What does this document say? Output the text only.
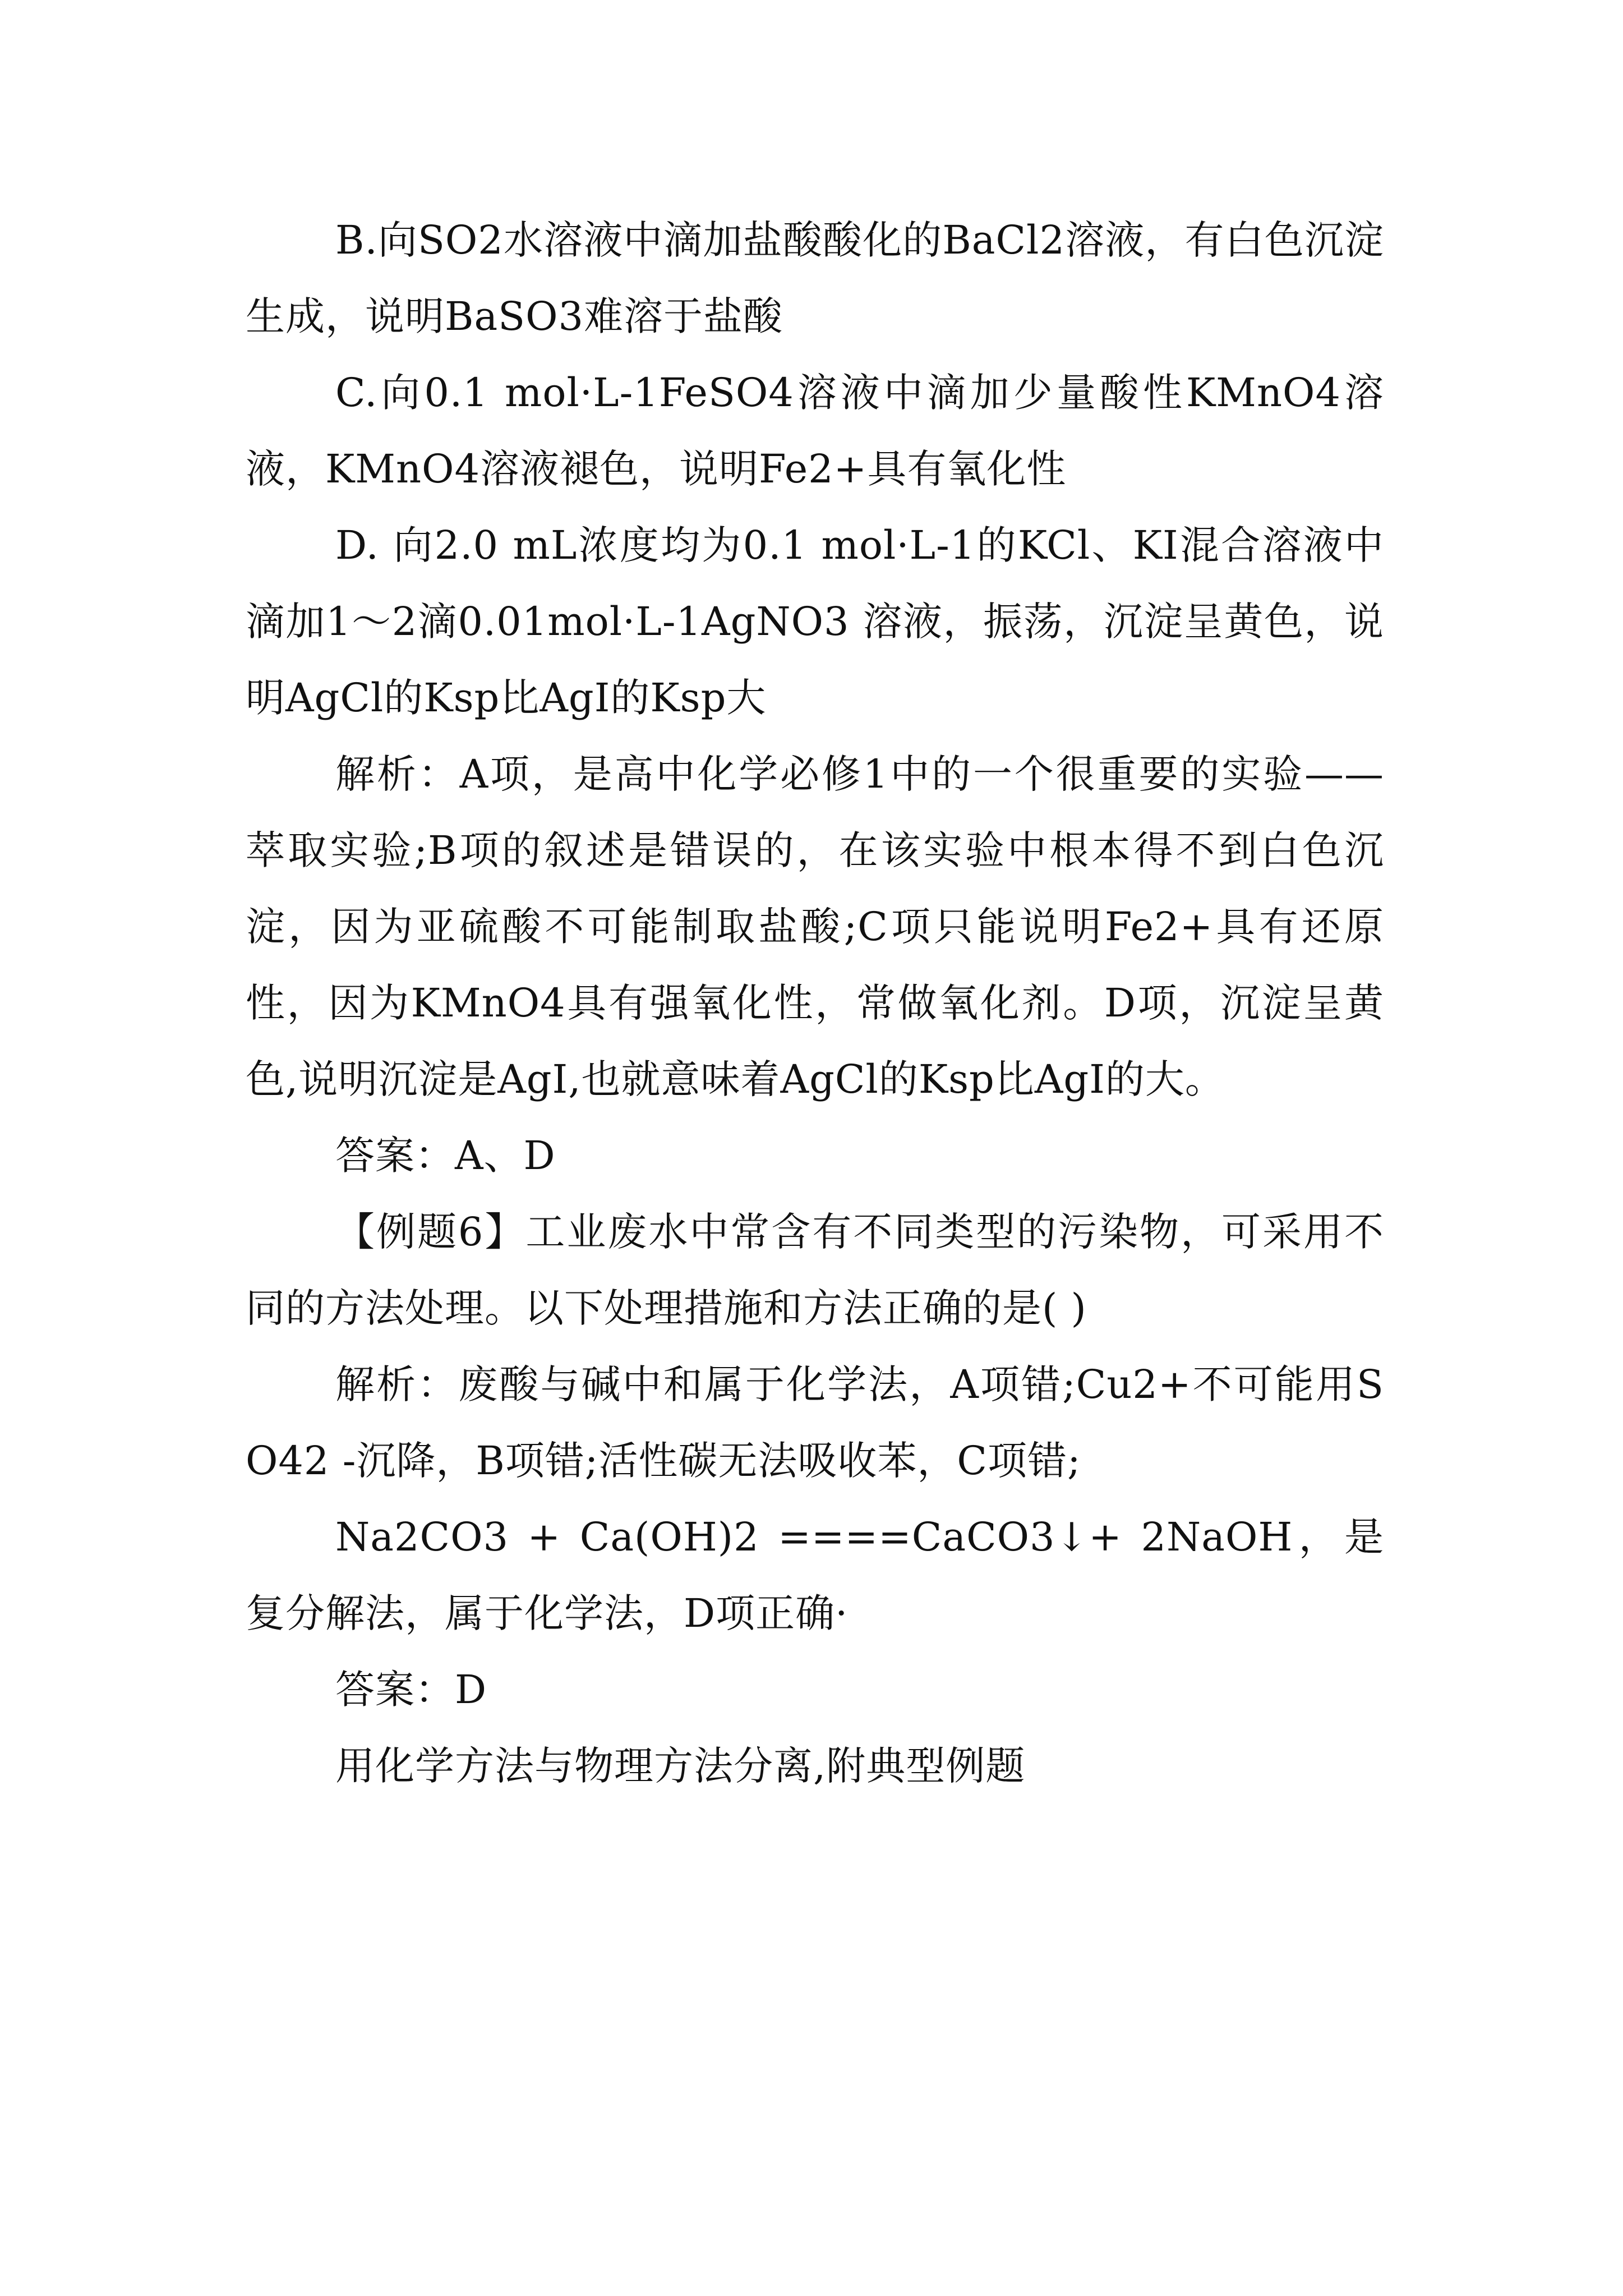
B.向SO2水溶液中滴加盐酸酸化的BaCl2溶液，有白色沉淀生成，说明BaSO3难溶于盐酸

C.向0.1 mol·L-1FeSO4溶液中滴加少量酸性KMnO4溶液，KMnO4溶液褪色，说明Fe2+具有氧化性

D. 向2.0 mL浓度均为0.1 mol·L-1的KCl、KI混合溶液中滴加1～2滴0.01mol·L-1AgNO3 溶液，振荡，沉淀呈黄色，说明AgCl的Ksp比AgI的Ksp大

解析：A项，是高中化学必修1中的一个很重要的实验——萃取实验;B项的叙述是错误的，在该实验中根本得不到白色沉淀，因为亚硫酸不可能制取盐酸;C项只能说明Fe2+具有还原性，因为KMnO4具有强氧化性，常做氧化剂。D项，沉淀呈黄色,说明沉淀是AgI,也就意味着AgCl的Ksp比AgI的大。

答案：A、D

【例题6】工业废水中常含有不同类型的污染物，可采用不同的方法处理。以下处理措施和方法正确的是( )

解析：废酸与碱中和属于化学法，A项错;Cu2+不可能用SO42 -沉降，B项错;活性碳无法吸收苯，C项错;

Na2CO3 + Ca(OH)2 ====CaCO3↓+ 2NaOH，是复分解法，属于化学法，D项正确·

答案：D

用化学方法与物理方法分离,附典型例题
